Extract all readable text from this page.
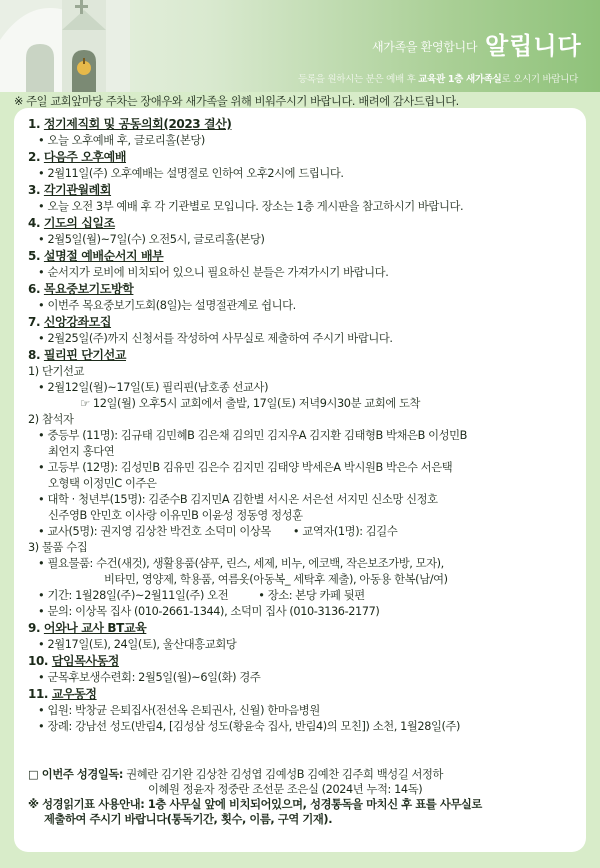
새가족을 환영합니다 알립니다
등록을 원하시는 분은 예배 후 교육관 1층 새가족실로 오시기 바랍니다
※ 주일 교회앞마당 주차는 장애우와 새가족을 위해 비워주시기 바랍니다. 배려에 감사드립니다.
1. 정기제직회 및 공동의회(2023 결산)
• 오늘 오후예배 후, 글로리홀(본당)
2. 다음주 오후예배
• 2월11일(주) 오후예배는 설명절로 인하여 오후2시에 드립니다.
3. 각기관월례회
• 오늘 오전 3부 예배 후 각 기관별로 모입니다. 장소는 1층 게시판을 참고하시기 바랍니다.
4. 기도의 십일조
• 2월5일(월)~7일(수) 오전5시, 글로리홀(본당)
5. 설명절 예배순서지 배부
• 순서지가 로비에 비치되어 있으니 필요하신 분들은 가져가시기 바랍니다.
6. 목요중보기도방학
• 이번주 목요중보기도회(8일)는 설명절관계로 쉽니다.
7. 신앙강좌모집
• 2월25일(주)까지 신청서를 작성하여 사무실로 제출하여 주시기 바랍니다.
8. 필리핀 단기선교
1) 단기선교
• 2월12일(월)~17일(토) 필리핀(남호종 선교사)
☞ 12일(월) 오후5시 교회에서 출발, 17일(토) 저녁9시30분 교회에 도착
2) 참석자
• 중등부 (11명): 김규태 김민혜B 김은채 김의민 김지우A 김지환 김태형B 박채은B 이성민B
최언지 홍다연
• 고등부 (12명): 김성민B 김유민 김은수 김지민 김태양 박세은A 박시원B 박은수 서은택
오형택 이정민C 이주은
• 대학 · 청년부(15명): 김준수B 김지민A 김한별 서시온 서은선 서지민 신소망 신정호
신주영B 안민호 이사랑 이유민B 이윤성 정동영 정성훈
• 교사(5명): 권지영 김상찬 박건호 소덕미 이상목 • 교역자(1명): 김길수
3) 물품 수집
• 필요물품: 수건(새것), 생활용품(샴푸, 린스, 세제, 비누, 에코백, 작은보조가방, 모자),
비타민, 영양제, 학용품, 여름옷(아동복_ 세탁후 제출), 아동용 한복(남/여)
• 기간: 1월28일(주)~2월11일(주) 오전	• 장소: 본당 카페 뒷편
• 문의: 이상목 집사 (010-2661-1344), 소덕미 집사 (010-3136-2177)
9. 어와나 교사 BT교육
• 2월17일(토), 24일(토), 울산대흥교회당
10. 담임목사동정
• 군목후보생수련회: 2월5일(월)~6일(화) 경주
11. 교우동정
• 입원: 박창균 은퇴집사(전선옥 은퇴권사, 신월) 한마음병원
• 장례: 강남선 성도(반림4, [김성삼 성도(황윤숙 집사, 반림4)의 모친]) 소천, 1월28일(주)
□ 이번주 성경일독: 권혜란 김기완 김상찬 김성엽 김예성B 김예찬 김주희 백성길 서정하
이혜원 정윤자 정중란 조선문 조은실 (2024년 누적: 14독)
※ 성경읽기표 사용안내: 1층 사무실 앞에 비치되어있으며, 성경통독을 마치신 후 표를 사무실로
제출하여 주시기 바랍니다(통독기간, 횟수, 이름, 구역 기재).
